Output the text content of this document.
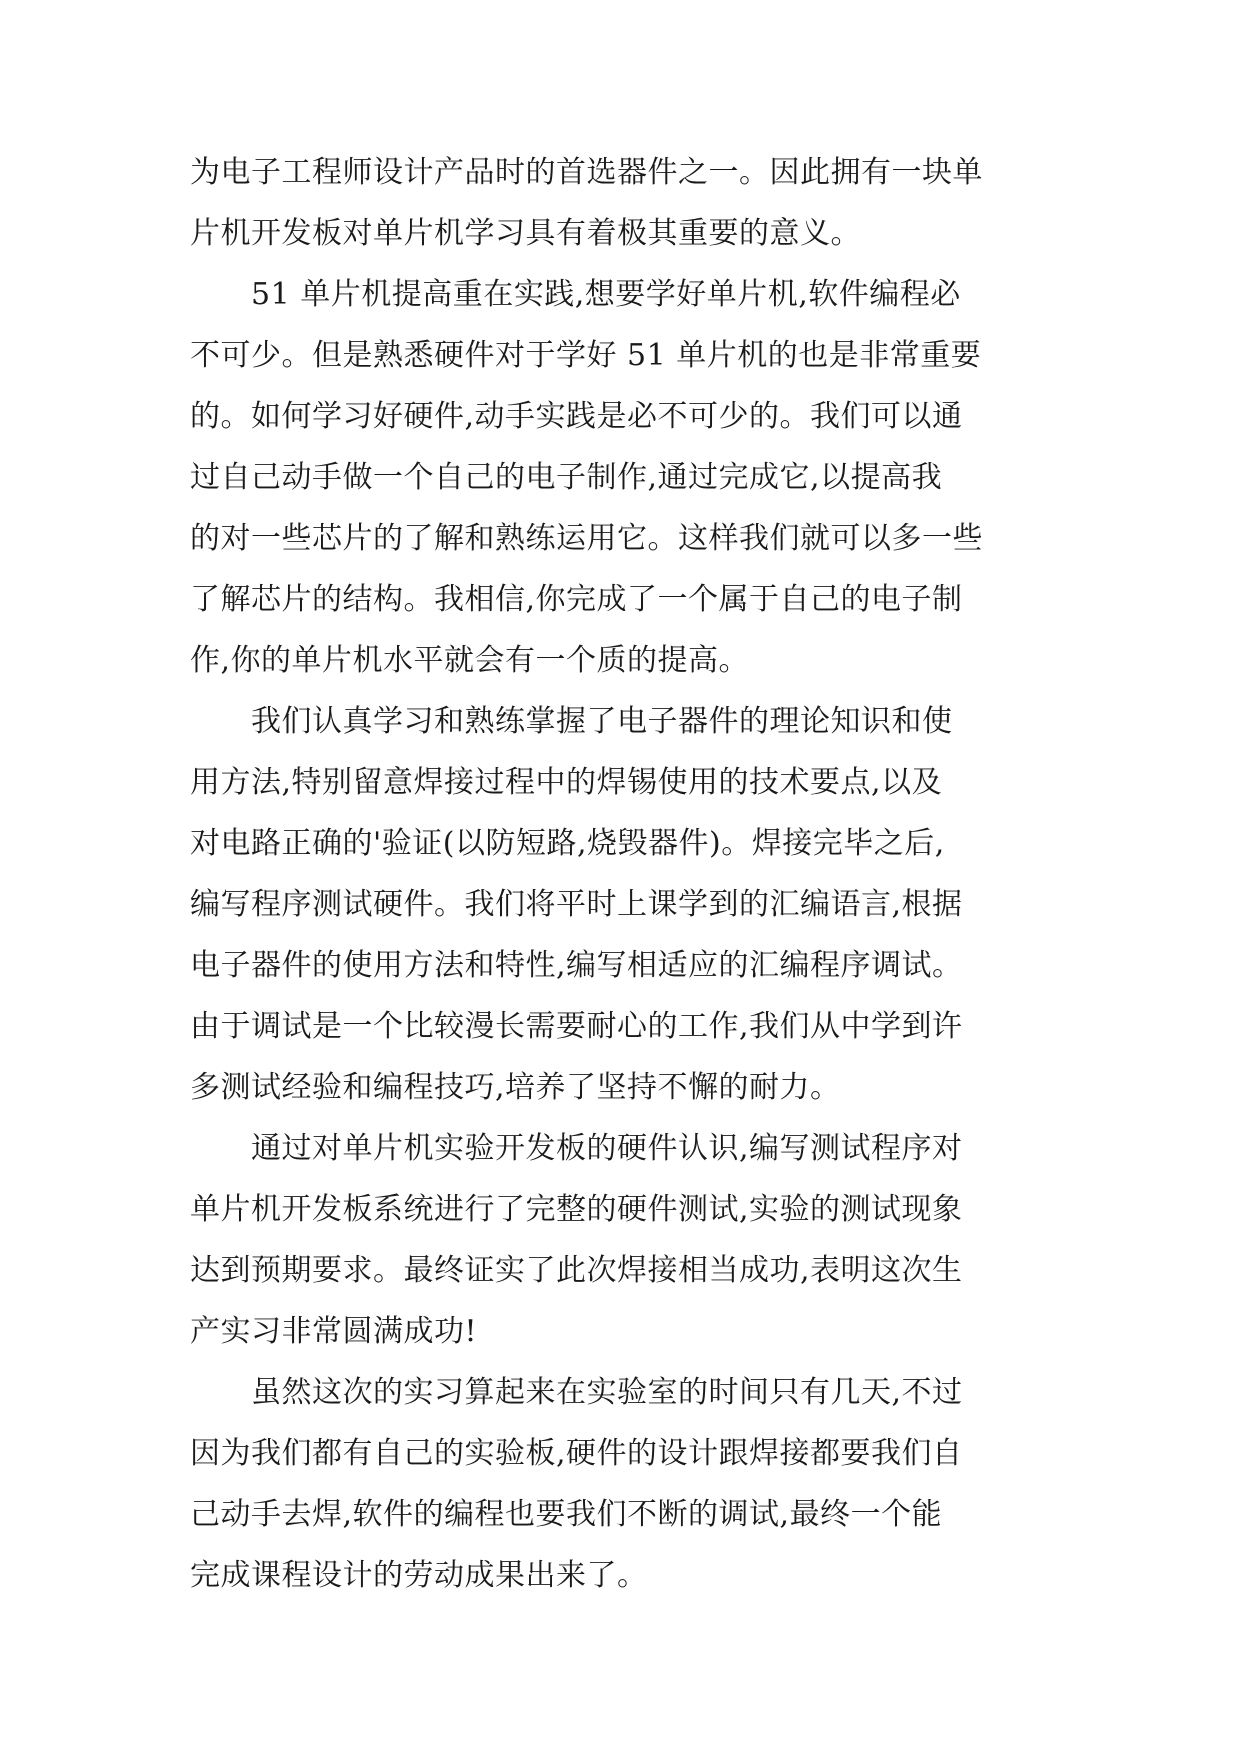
为电子工程师设计产品时的首选器件之一。因此拥有一块单
片机开发板对单片机学习具有着极其重要的意义。
　　51 单片机提高重在实践,想要学好单片机,软件编程必
不可少。但是熟悉硬件对于学好 51 单片机的也是非常重要
的。如何学习好硬件,动手实践是必不可少的。我们可以通
过自己动手做一个自己的电子制作,通过完成它,以提高我
的对一些芯片的了解和熟练运用它。这样我们就可以多一些
了解芯片的结构。我相信,你完成了一个属于自己的电子制
作,你的单片机水平就会有一个质的提高。
　　我们认真学习和熟练掌握了电子器件的理论知识和使
用方法,特别留意焊接过程中的焊锡使用的技术要点,以及
对电路正确的'验证(以防短路,烧毁器件)。焊接完毕之后,
编写程序测试硬件。我们将平时上课学到的汇编语言,根据
电子器件的使用方法和特性,编写相适应的汇编程序调试。
由于调试是一个比较漫长需要耐心的工作,我们从中学到许
多测试经验和编程技巧,培养了坚持不懈的耐力。
　　通过对单片机实验开发板的硬件认识,编写测试程序对
单片机开发板系统进行了完整的硬件测试,实验的测试现象
达到预期要求。最终证实了此次焊接相当成功,表明这次生
产实习非常圆满成功!
　　虽然这次的实习算起来在实验室的时间只有几天,不过
因为我们都有自己的实验板,硬件的设计跟焊接都要我们自
己动手去焊,软件的编程也要我们不断的调试,最终一个能
完成课程设计的劳动成果出来了。
